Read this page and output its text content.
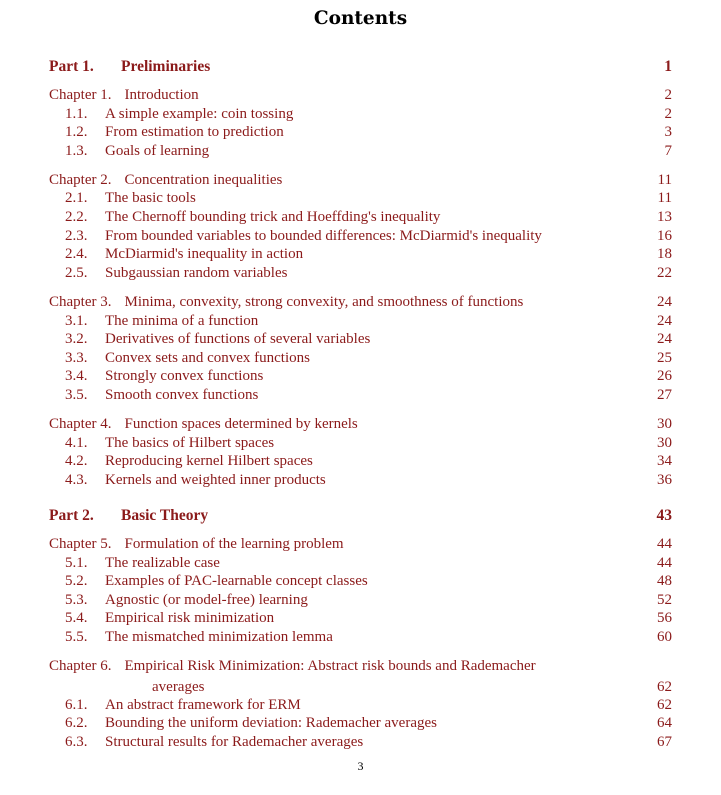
Contents
Part 1. Preliminaries	1
Chapter 1. Introduction	2
1.1. A simple example: coin tossing	2
1.2. From estimation to prediction	3
1.3. Goals of learning	7
Chapter 2. Concentration inequalities	11
2.1. The basic tools	11
2.2. The Chernoff bounding trick and Hoeffding's inequality	13
2.3. From bounded variables to bounded differences: McDiarmid's inequality	16
2.4. McDiarmid's inequality in action	18
2.5. Subgaussian random variables	22
Chapter 3. Minima, convexity, strong convexity, and smoothness of functions	24
3.1. The minima of a function	24
3.2. Derivatives of functions of several variables	24
3.3. Convex sets and convex functions	25
3.4. Strongly convex functions	26
3.5. Smooth convex functions	27
Chapter 4. Function spaces determined by kernels	30
4.1. The basics of Hilbert spaces	30
4.2. Reproducing kernel Hilbert spaces	34
4.3. Kernels and weighted inner products	36
Part 2. Basic Theory	43
Chapter 5. Formulation of the learning problem	44
5.1. The realizable case	44
5.2. Examples of PAC-learnable concept classes	48
5.3. Agnostic (or model-free) learning	52
5.4. Empirical risk minimization	56
5.5. The mismatched minimization lemma	60
Chapter 6. Empirical Risk Minimization: Abstract risk bounds and Rademacher
averages	62
6.1. An abstract framework for ERM	62
6.2. Bounding the uniform deviation: Rademacher averages	64
6.3. Structural results for Rademacher averages	67
3
